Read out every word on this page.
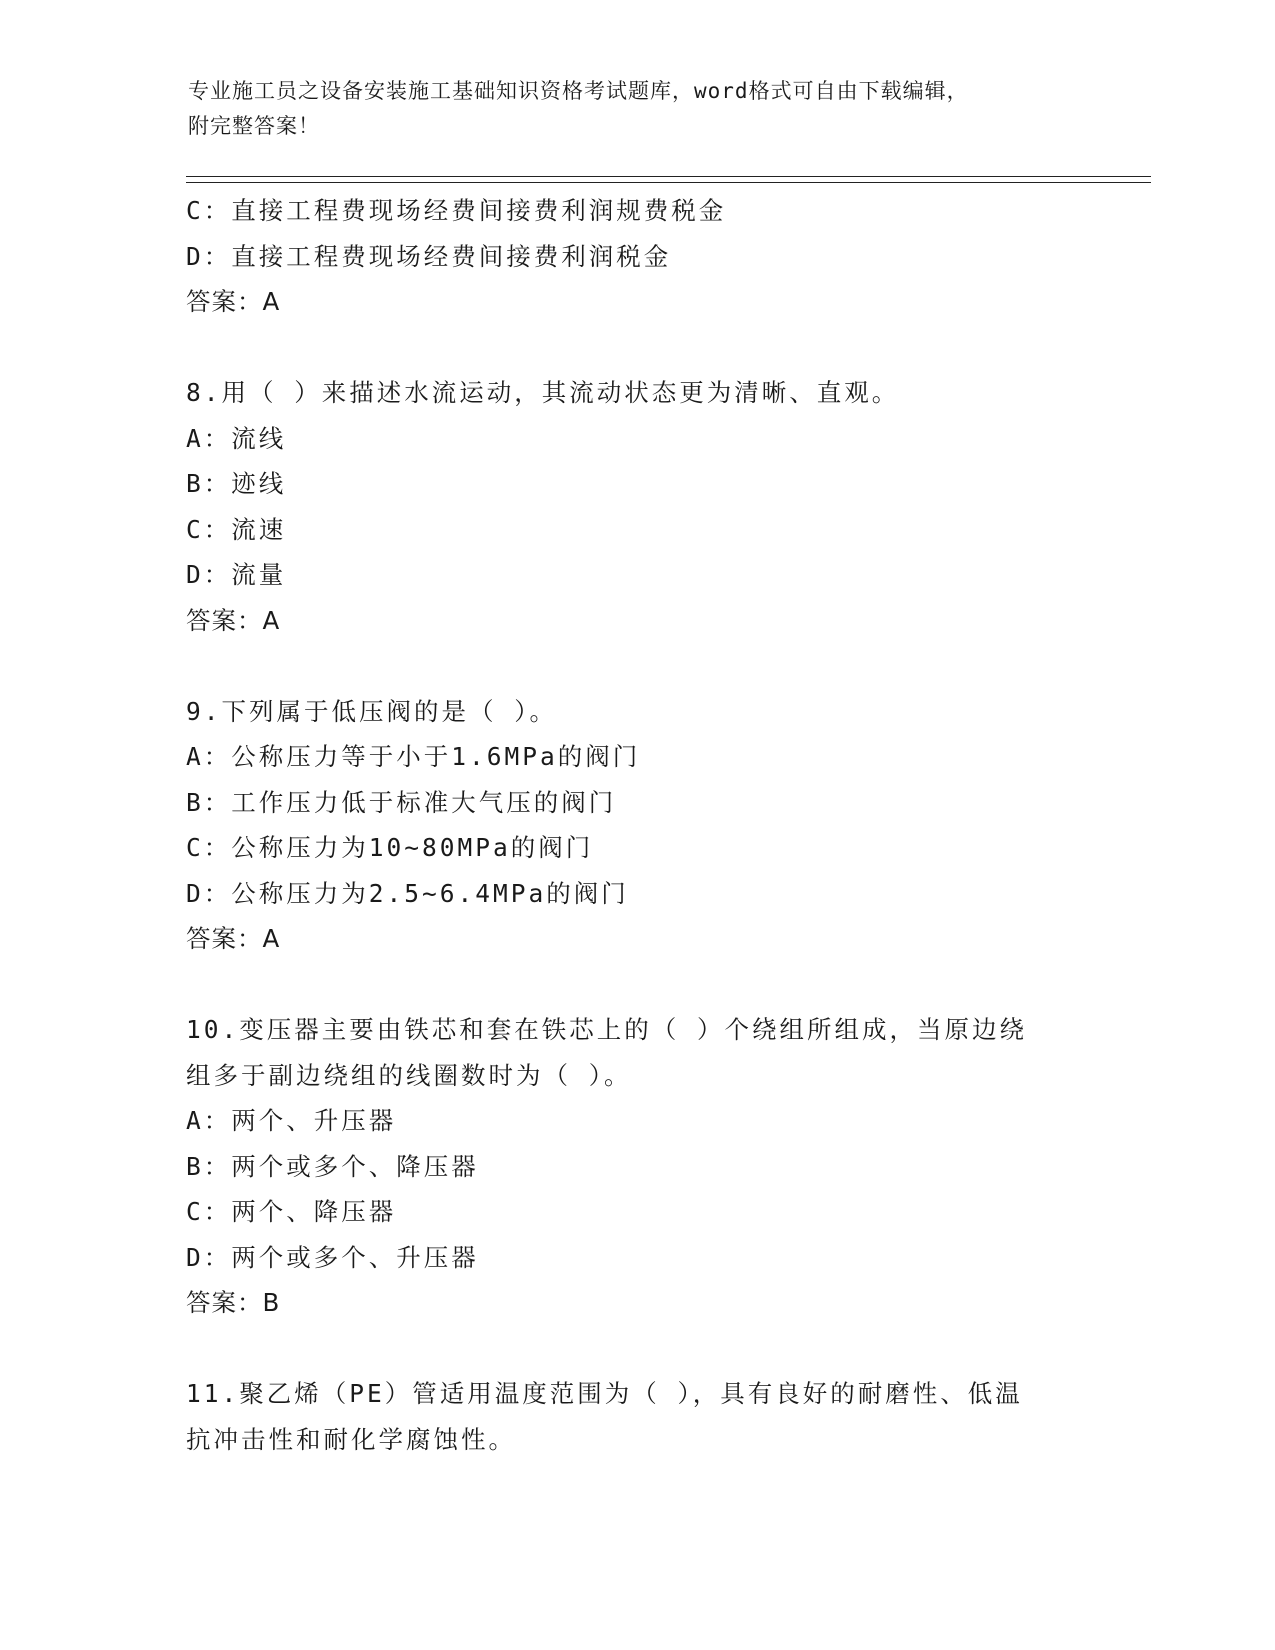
专业施工员之设备安装施工基础知识资格考试题库，word格式可自由下载编辑，
附完整答案！
C：直接工程费现场经费间接费利润规费税金
D：直接工程费现场经费间接费利润税金
答案：A
8.用（ ）来描述水流运动，其流动状态更为清晰、直观。
A：流线
B：迹线
C：流速
D：流量
答案：A
9.下列属于低压阀的是（ ）。
A：公称压力等于小于1.6MPa的阀门
B：工作压力低于标准大气压的阀门
C：公称压力为10~80MPa的阀门
D：公称压力为2.5~6.4MPa的阀门
答案：A
10.变压器主要由铁芯和套在铁芯上的（ ）个绕组所组成，当原边绕
组多于副边绕组的线圈数时为（ ）。
A：两个、升压器
B：两个或多个、降压器
C：两个、降压器
D：两个或多个、升压器
答案：B
11.聚乙烯（PE）管适用温度范围为（ ），具有良好的耐磨性、低温
抗冲击性和耐化学腐蚀性。
